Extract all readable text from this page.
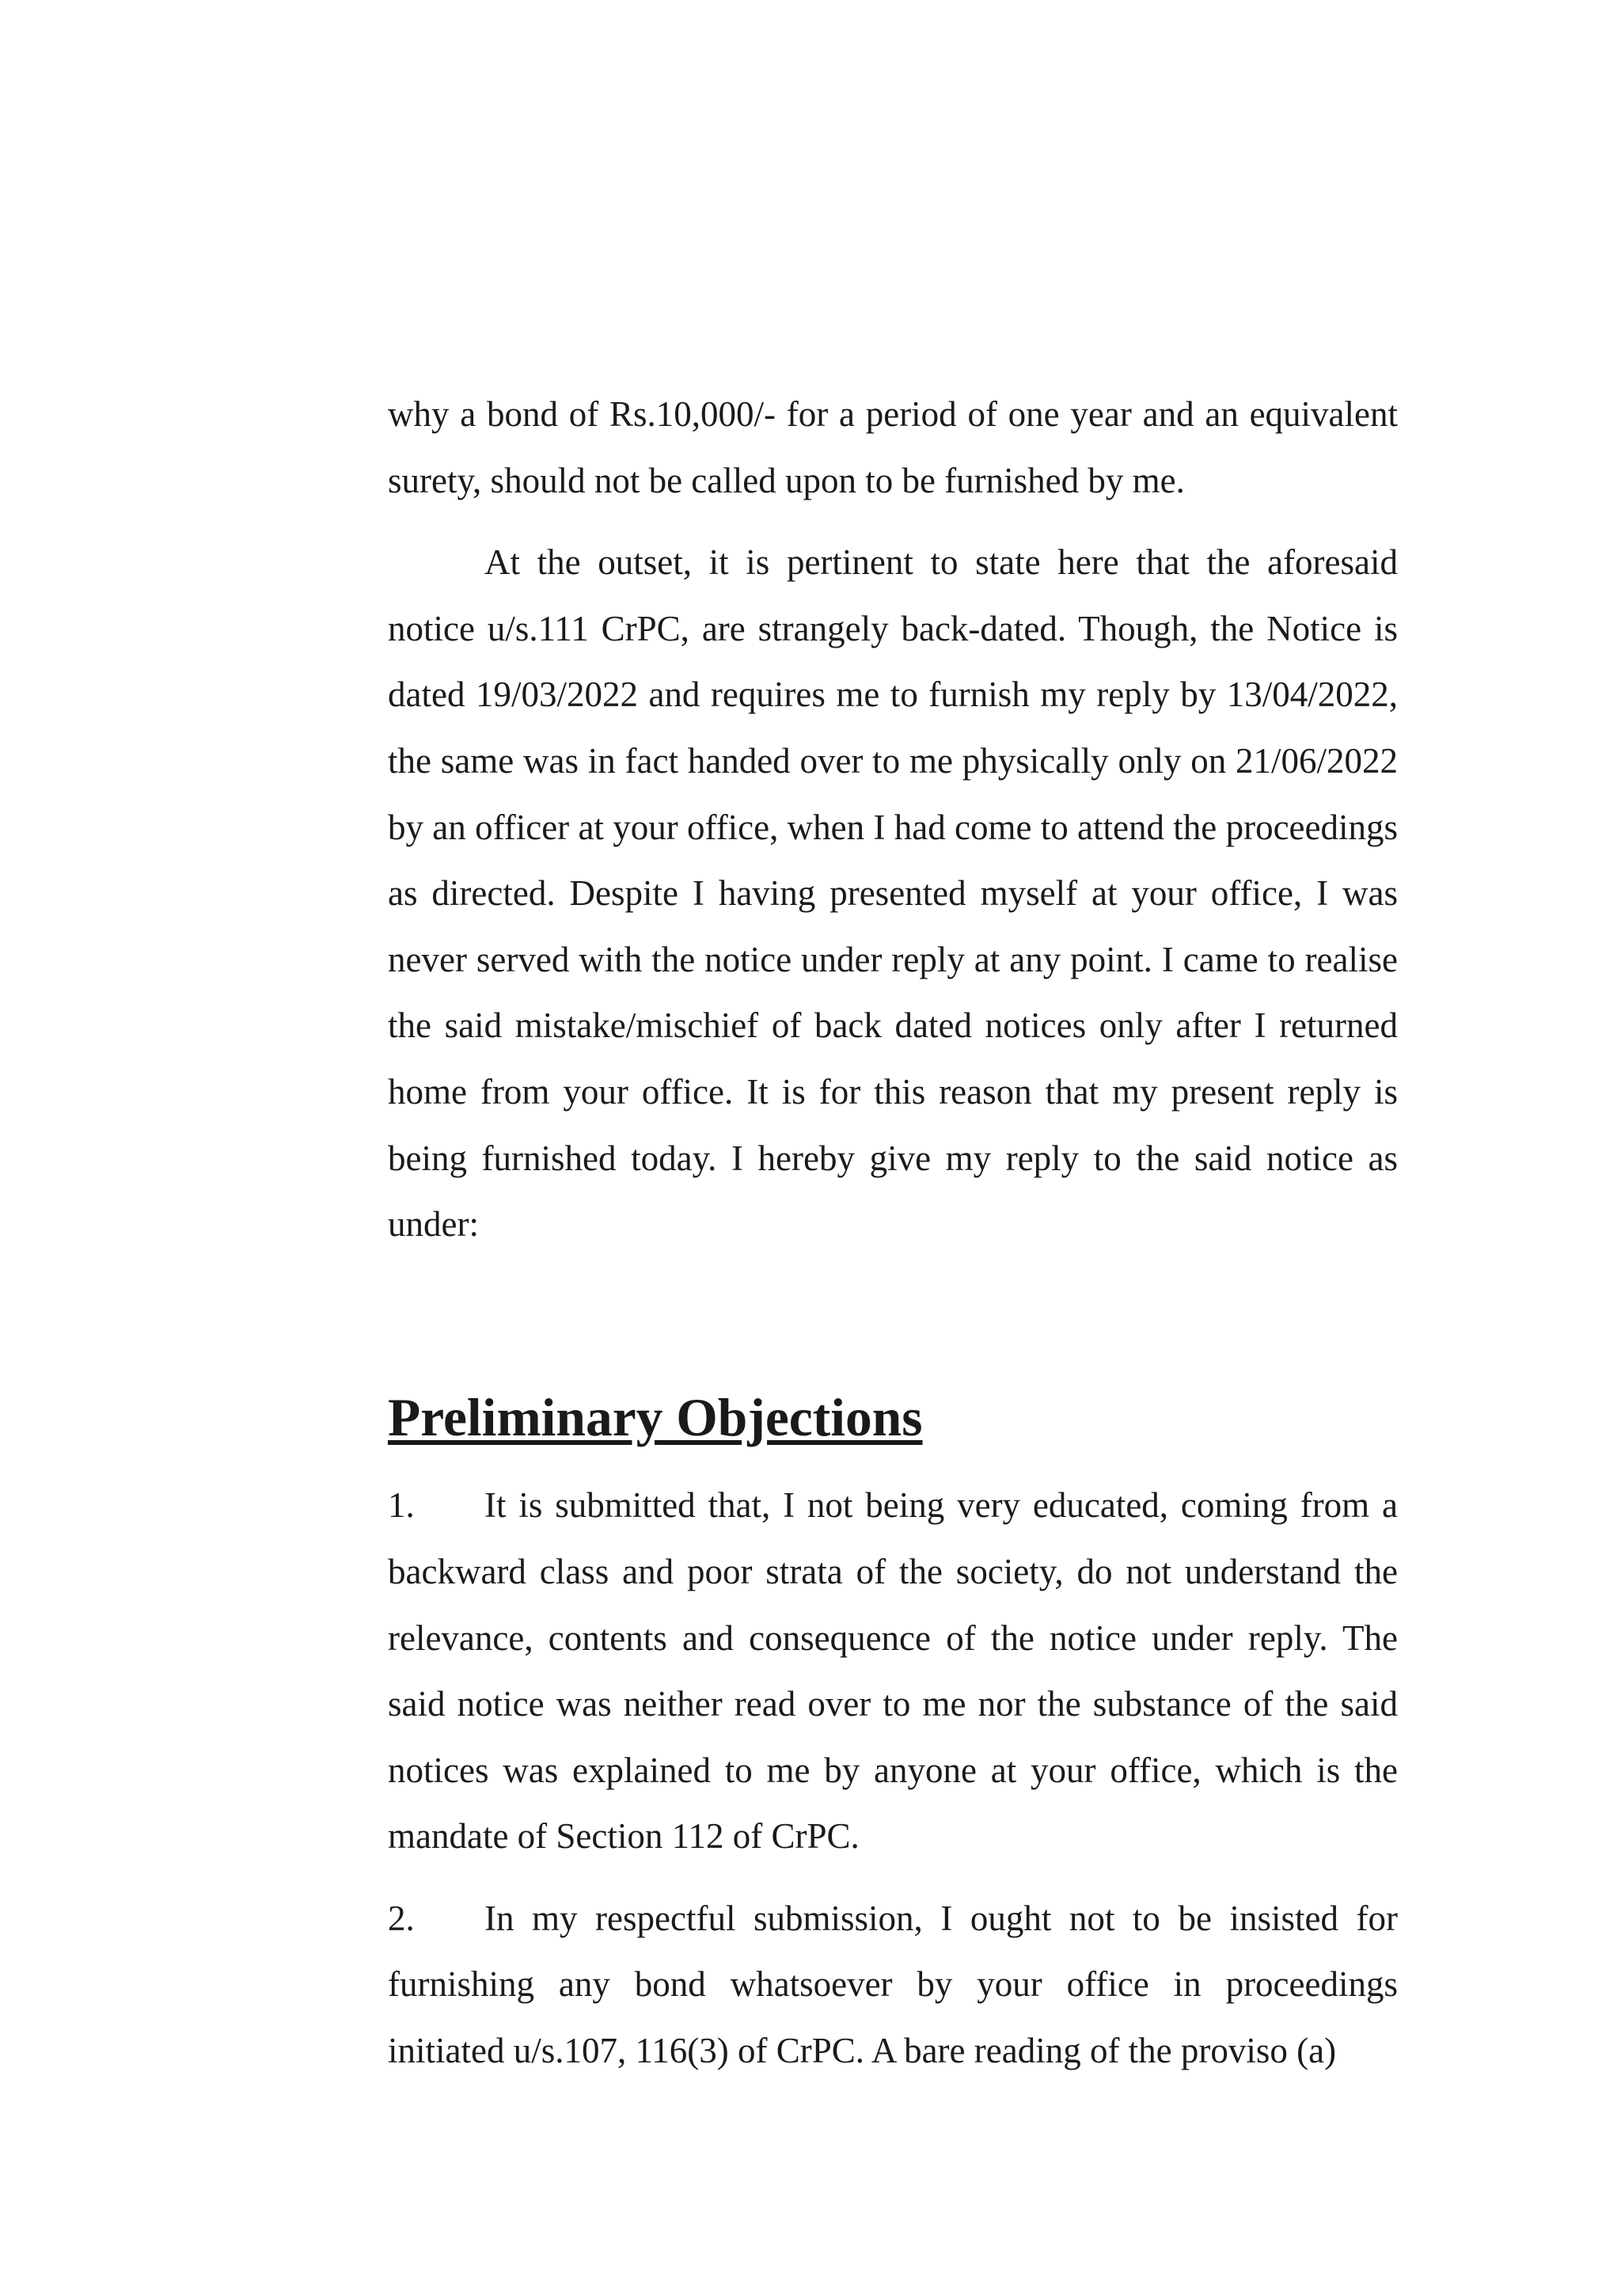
why a bond of Rs.10,000/- for a period of one year and an equivalent surety, should not be called upon to be furnished by me.

At the outset, it is pertinent to state here that the aforesaid notice u/s.111 CrPC, are strangely back-dated. Though, the Notice is dated 19/03/2022 and requires me to furnish my reply by 13/04/2022, the same was in fact handed over to me physically only on 21/06/2022 by an officer at your office, when I had come to attend the proceedings as directed. Despite I having presented myself at your office, I was never served with the notice under reply at any point. I came to realise the said mistake/mischief of back dated notices only after I returned home from your office. It is for this reason that my present reply is being furnished today. I hereby give my reply to the said notice as under:

Preliminary Objections

1. It is submitted that, I not being very educated, coming from a backward class and poor strata of the society, do not understand the relevance, contents and consequence of the notice under reply. The said notice was neither read over to me nor the substance of the said notices was explained to me by anyone at your office, which is the mandate of Section 112 of CrPC.

2. In my respectful submission, I ought not to be insisted for furnishing any bond whatsoever by your office in proceedings initiated u/s.107, 116(3) of CrPC. A bare reading of the proviso (a)
